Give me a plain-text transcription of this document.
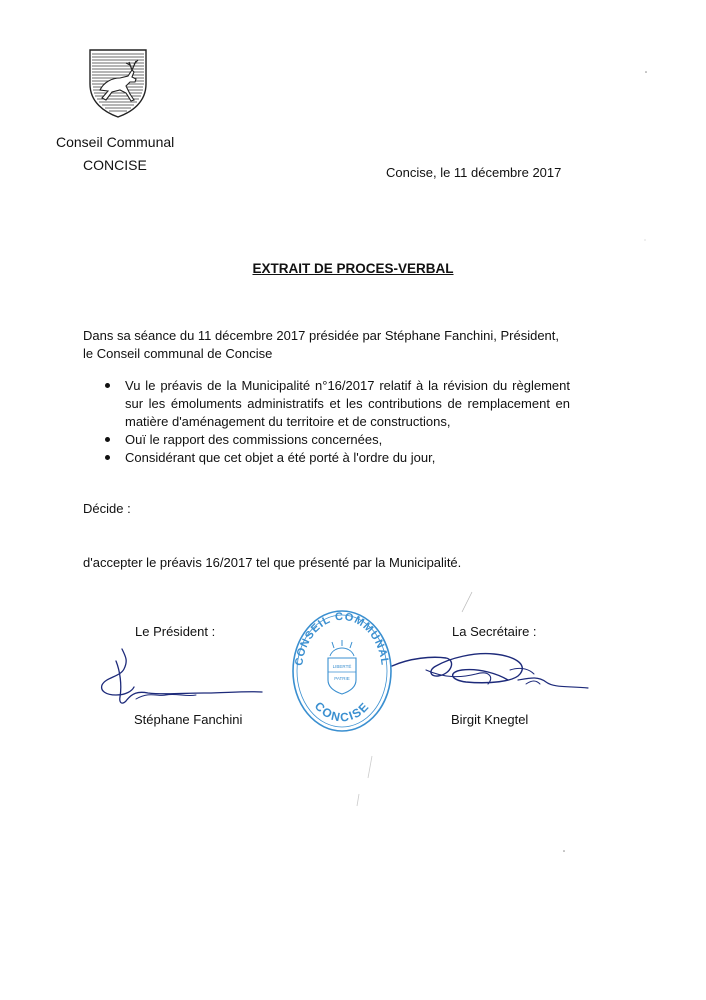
Conseil Communal
CONCISE	Concise, le 11 décembre 2017
EXTRAIT DE PROCES-VERBAL
Dans sa séance du 11 décembre 2017 présidée par Stéphane Fanchini, Président, le Conseil communal de Concise
Vu le préavis de la Municipalité n°16/2017 relatif à la révision du règlement sur les émoluments administratifs et les contributions de remplacement en matière d'aménagement du territoire et de constructions,
Ouï le rapport des commissions concernées,
Considérant que cet objet a été porté à l'ordre du jour,
Décide :
d'accepter le préavis 16/2017 tel que présenté par la Municipalité.
Le Président :	La Secrétaire :
CONSEIL COMMUNAL
CONCISE
LIBERTÉ
PATRIE
Stéphane Fanchini	Birgit Knegtel
